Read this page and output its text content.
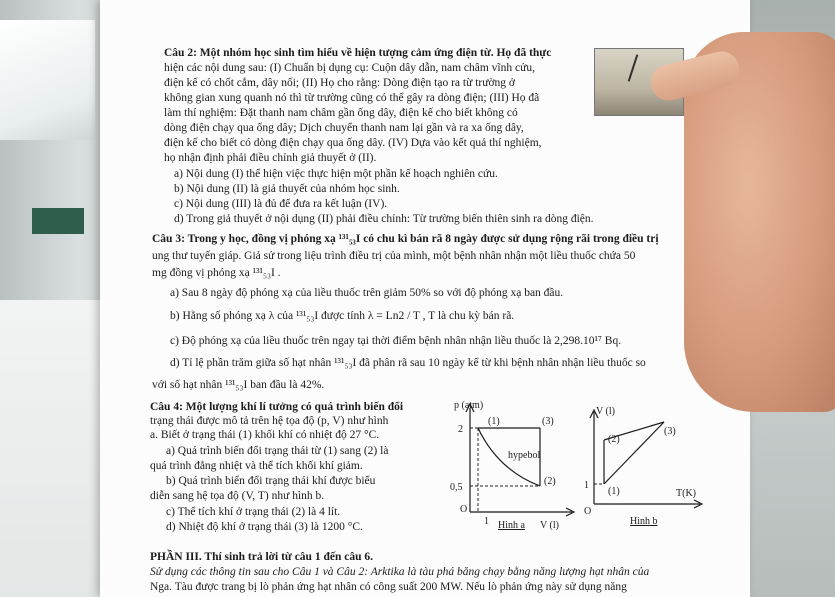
Câu 2: Một nhóm học sinh tìm hiểu về hiện tượng cảm ứng điện từ. Họ đã thực

hiện các nội dung sau: (I) Chuẩn bị dụng cụ: Cuộn dây dẫn, nam châm vĩnh cửu,

điện kế có chốt cắm, dây nối; (II) Họ cho rằng: Dòng điện tạo ra từ trường ở

không gian xung quanh nó thì từ trường cũng có thể gây ra dòng điện; (III) Họ đã

làm thí nghiệm: Đặt thanh nam châm gần ống dây, điện kế cho biết không có

dòng điện chạy qua ống dây; Dịch chuyển thanh nam lại gần và ra xa ống dây,

điện kế cho biết có dòng điện chạy qua ống dây. (IV) Dựa vào kết quả thí nghiệm,

họ nhận định phải điều chỉnh giả thuyết ở (II).

a) Nội dung (I) thể hiện việc thực hiện một phần kế hoạch nghiên cứu.

b) Nội dung (II) là giả thuyết của nhóm học sinh.

c) Nội dung (III) là đủ để đưa ra kết luận (IV).

d) Trong giả thuyết ở nội dụng (II) phải điều chỉnh: Từ trường biến thiên sinh ra dòng điện.

Câu 3: Trong y học, đồng vị phóng xạ ¹³¹₅₃I có chu kì bán rã 8 ngày được sử dụng rộng rãi trong điều trị

ung thư tuyến giáp. Giả sử trong liệu trình điều trị của mình, một bệnh nhân nhận một liều thuốc chứa 50

mg đồng vị phóng xạ ¹³¹₅₃I .

a) Sau 8 ngày độ phóng xạ của liều thuốc trên giảm 50% so với độ phóng xạ ban đầu.

b) Hằng số phóng xạ λ của ¹³¹₅₃I được tính λ = Ln2 / T , T là chu kỳ bán rã.

c) Độ phóng xạ của liều thuốc trên ngay tại thời điểm bệnh nhân nhận liều thuốc là 2,298.10¹⁷ Bq.

d) Tỉ lệ phần trăm giữa số hạt nhân ¹³¹₅₃I đã phân rã sau 10 ngày kể từ khi bệnh nhân nhận liều thuốc so

với số hạt nhân ¹³¹₅₃I ban đầu là 42%.

Câu 4: Một lượng khí lí tưởng có quá trình biến đổi

trạng thái được mô tả trên hệ tọa độ (p, V) như hình

a. Biết ở trạng thái (1) khối khí có nhiệt độ 27 °C.

a) Quá trình biến đổi trạng thái từ (1) sang (2) là

quá trình đẳng nhiệt và thể tích khối khí giảm.

b) Quá trình biến đổi trạng thái khí được biểu

diễn sang hệ tọa độ (V, T) như hình b.

c) Thể tích khí ở trạng thái (2) là 4 lít.

d) Nhiệt độ khí ở trạng thái (3) là 1200 °C.

p (atm)
V (l)
2
0,5
1
O
(1)
(2)
(3)
hypebol
Hình a
V (l)
T(K)
1
O
(1)
(2)
(3)
Hình b

PHẦN III. Thí sinh trả lời từ câu 1 đến câu 6.

Sử dụng các thông tin sau cho Câu 1 và Câu 2: Arktika là tàu phá băng chạy bằng năng lượng hạt nhân của

Nga. Tàu được trang bị lò phản ứng hạt nhân có công suất 200 MW. Nếu lò phản ứng này sử dụng năng
